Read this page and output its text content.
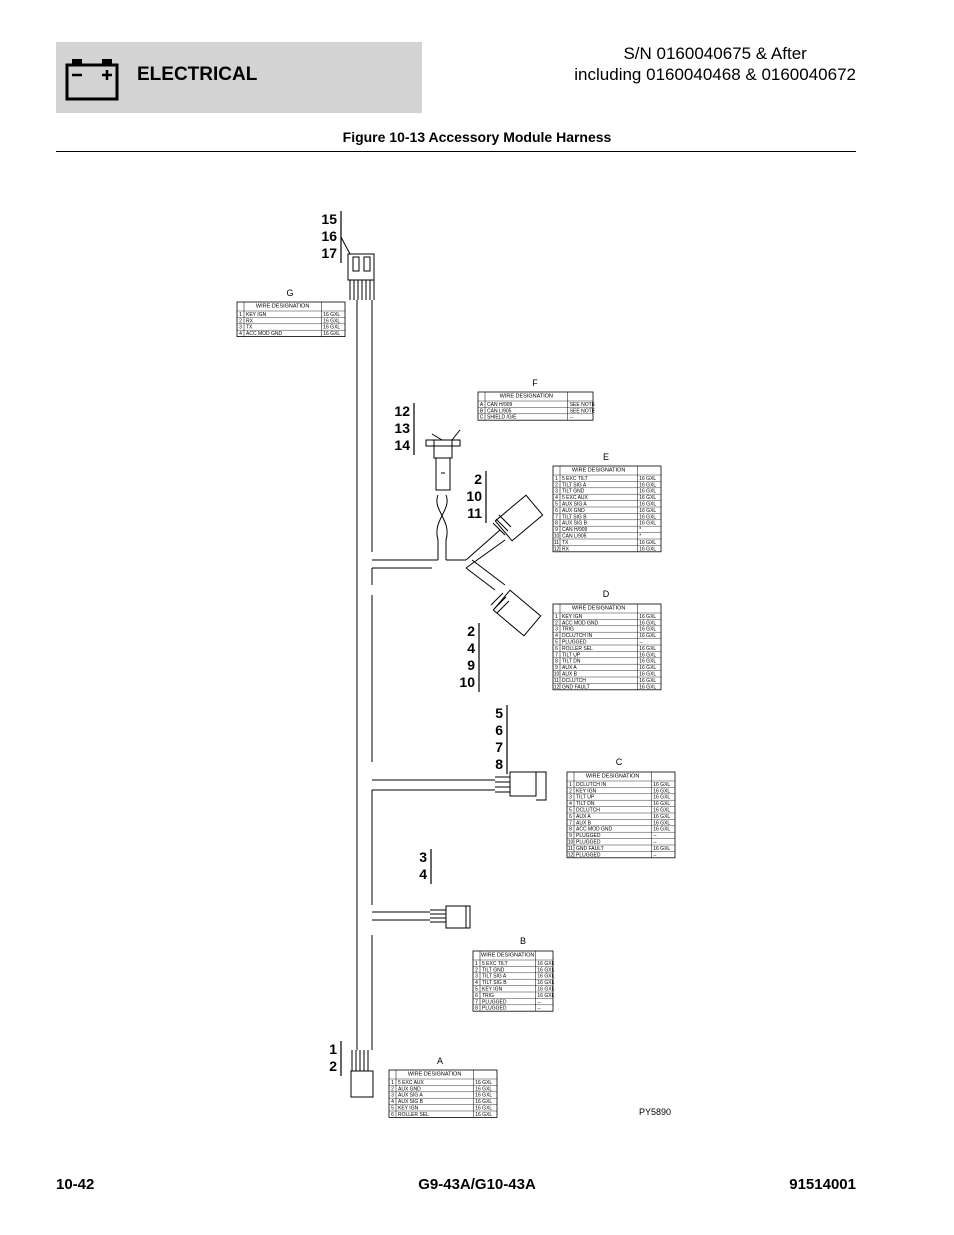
ELECTRICAL
S/N 0160040675 & After
including 0160040468 & 0160040672
Figure 10-13 Accessory Module Harness
15
16
17
12
13
14
2
10
11
2
4
9
10
5
6
7
8
3
4
1
2
G
WIRE DESIGNATION
1 KEY IGN	16 GXL
2 RX	16 GXL
3 TX	16 GXL
4 ACC MOD GND	16 GXL
F
WIRE DESIGNATION
A CAN H/909	SEE NOTE
B CAN L/905	SEE NOTE
C SHIELD /G/E	--
E
WIRE DESIGNATION
1 5 EXC TILT	16 GXL
2 TILT SIG A	16 GXL
3 TILT GND	16 GXL
4 5 EXC AUX	16 GXL
5 AUX SIG A	16 GXL
6 AUX GND	16 GXL
7 TILT SIG B	16 GXL
8 AUX SIG B	16 GXL
9 CAN H/909	*
10 CAN L/905	*
11 TX	16 GXL
12 RX	16 GXL
D
WIRE DESIGNATION
1 KEY IGN	16 GXL
2 ACC MOD GND	16 GXL
3 TRIG	16 GXL
4 DCLUTCH IN	16 GXL
5 PLUGGED	--
6 ROLLER SEL	16 GXL
7 TILT UP	16 GXL
8 TILT DN	16 GXL
9 AUX A	16 GXL
10 AUX B	16 GXL
11 DCLUTCH	16 GXL
12 GND FAULT	16 GXL
C
WIRE DESIGNATION
1 DCLUTCH IN	16 GXL
2 KEY IGN	16 GXL
3 TILT UP	16 GXL
4 TILT DN	16 GXL
5 DCLUTCH	16 GXL
6 AUX A	16 GXL
7 AUX B	16 GXL
8 ACC MOD GND	16 GXL
9 PLUGGED	--
10 PLUGGED	--
11 GND FAULT	16 GXL
12 PLUGGED	--
B
WIRE DESIGNATION
1 5 EXC TILT	16 GXL
2 TILT GND	16 GXL
3 TILT SIG A	16 GXL
4 TILT SIG B	16 GXL
5 KEY IGN	16 GXL
6 TRIG	16 GXL
7 PLUGGED	--
8 PLUGGED	--
A
WIRE DESIGNATION
1 5 EXC AUX	16 GXL
2 AUX GND	16 GXL
3 AUX SIG A	16 GXL
4 AUX SIG B	16 GXL
5 KEY IGN	16 GXL
6 ROLLER SEL	16 GXL	PY5890
10-42	G9-43A/G10-43A	91514001
